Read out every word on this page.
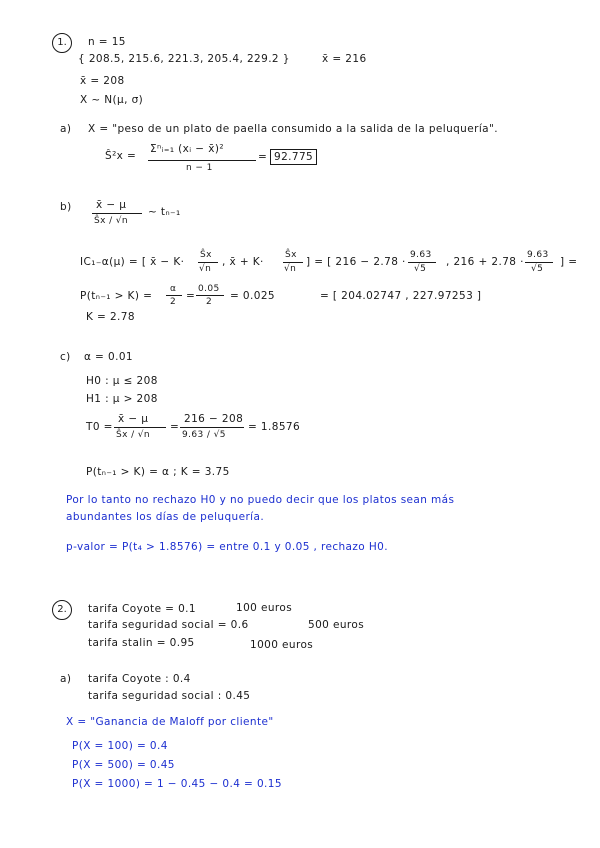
1.	n = 15
{ 208.5, 215.6, 221.3, 205.4, 229.2 }	x̄ = 216
x̄ = 208
X ~ N(μ, σ)
a) X = "peso de un plato de paella consumido a la salida de la peluquería".
Ŝ²x =
Σⁿᵢ₌₁ (xᵢ − x̄)²
n − 1
= 92.775
b) x̄ − μ
Ŝx / √n
~ tₙ₋₁
IC₁₋α(μ) = [ x̄ − K·
Ŝx
√n
, x̄ + K·
Ŝx
√n
] = [ 216 − 2.78 ·
9.63
√5
, 216 + 2.78 ·
9.63
√5
] =
P(tₙ₋₁ > K) =
α
2 =
0.05
2 = 0.025	= [ 204.02747 , 227.97253 ]
K = 2.78
c) α = 0.01
H0 : μ ≤ 208
H1 : μ > 208
T0 =
x̄ − μ
Ŝx / √n
=
216 − 208
9.63 / √5
= 1.8576
P(tₙ₋₁ > K) = α ; K = 3.75
Por lo tanto no rechazo H0 y no puedo decir que los platos sean más
abundantes los días de peluquería.
p-valor = P(t₄ > 1.8576) = entre 0.1 y 0.05 , rechazo H0.
2.	tarifa Coyote = 0.1	100 euros
tarifa seguridad social = 0.6	500 euros
tarifa stalin = 0.95	1000 euros
a) tarifa Coyote : 0.4
tarifa seguridad social : 0.45
X = "Ganancia de Maloff por cliente"
P(X = 100) = 0.4
P(X = 500) = 0.45
P(X = 1000) = 1 − 0.45 − 0.4 = 0.15
